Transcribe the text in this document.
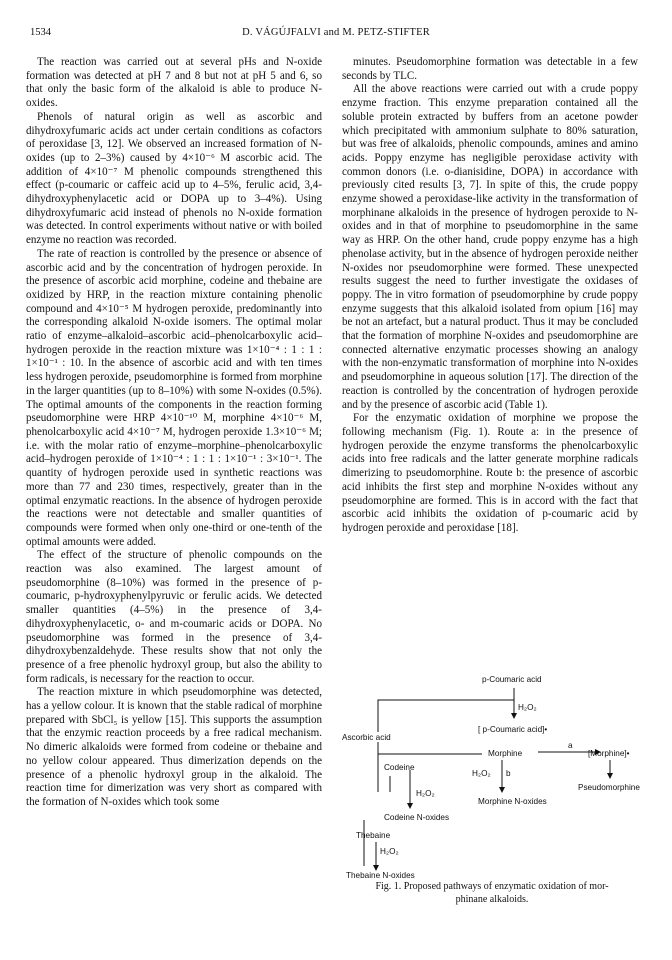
1534	D. VÁGÚJFALVI and M. PETZ-STIFTER

The reaction was carried out at several pHs and N-oxide formation was detected at pH 7 and 8 but not at pH 5 and 6, so that only the basic form of the alkaloid is able to produce N-oxides.

Phenols of natural origin as well as ascorbic and dihydroxyfumaric acids act under certain conditions as cofactors of peroxidase [3, 12]. We observed an increased formation of N-oxides (up to 2–3%) caused by 4×10⁻⁶ M ascorbic acid. The addition of 4×10⁻⁷ M phenolic compounds strengthened this effect (p-coumaric or caffeic acid up to 4–5%, ferulic acid, 3,4-dihydroxyphenylacetic acid or DOPA up to 3–4%). Using dihydroxyfumaric acid instead of phenols no N-oxide formation was detected. In control experiments without native or with boiled enzyme no reaction was recorded.

The rate of reaction is controlled by the presence or absence of ascorbic acid and by the concentration of hydrogen peroxide. In the presence of ascorbic acid morphine, codeine and thebaine are oxidized by HRP, in the reaction mixture containing phenolic compound and 4×10⁻⁵ M hydrogen peroxide, predominantly into the corresponding alkaloid N-oxide isomers. The optimal molar ratio of enzyme–alkaloid–ascorbic acid–phenolcarboxylic acid–hydrogen peroxide in the reaction mixture was 1×10⁻⁴ : 1 : 1 : 1×10⁻¹ : 10. In the absence of ascorbic acid and with ten times less hydrogen peroxide, pseudomorphine is formed from morphine in the larger quantities (up to 8–10%) with some N-oxides (0.5%). The optimal amounts of the components in the reaction forming pseudomorphine were HRP 4×10⁻¹⁰ M, morphine 4×10⁻⁶ M, phenolcarboxylic acid 4×10⁻⁷ M, hydrogen peroxide 1.3×10⁻⁶ M; i.e. with the molar ratio of enzyme–morphine–phenolcarboxylic acid–hydrogen peroxide of 1×10⁻⁴ : 1 : 1 : 1×10⁻¹ : 3×10⁻¹. The quantity of hydrogen peroxide used in synthetic reactions was more than 77 and 230 times, respectively, greater than in the optimal enzymatic reactions. In the absence of hydrogen peroxide the reactions were not detectable and smaller quantities of compounds were formed when only one-third or one-tenth of the optimal amounts were added.

The effect of the structure of phenolic compounds on the reaction was also examined. The largest amount of pseudomorphine (8–10%) was formed in the presence of p-coumaric, p-hydroxyphenylpyruvic or ferulic acids. We detected smaller quantities (4–5%) in the presence of 3,4-dihydroxyphenylacetic, o- and m-coumaric acids or DOPA. No pseudomorphine was formed in the presence of 3,4-dihydroxybenzaldehyde. These results show that not only the presence of a free phenolic hydroxyl group, but also the ability to form radicals, is necessary for the reaction to occur.

The reaction mixture in which pseudomorphine was detected, has a yellow colour. It is known that the stable radical of morphine prepared with SbCl₅ is yellow [15]. This supports the assumption that the enzymic reaction proceeds by a free radical mechanism. No dimeric alkaloids were formed from codeine or thebaine and no yellow colour appeared. Thus dimerization depends on the presence of a phenolic hydroxyl group in the alkaloid. The reaction time for dimerization was very short as compared with the formation of N-oxides which took some

minutes. Pseudomorphine formation was detectable in a few seconds by TLC.

All the above reactions were carried out with a crude poppy enzyme fraction. This enzyme preparation contained all the soluble protein extracted by buffers from an acetone powder which precipitated with ammonium sulphate to 80% saturation, but was free of alkaloids, phenolic compounds, amines and amino acids. Poppy enzyme has negligible peroxidase activity with common donors (i.e. o-dianisidine, DOPA) in accordance with previously cited results [3, 7]. In spite of this, the crude poppy enzyme showed a peroxidase-like activity in the transformation of morphinane alkaloids in the presence of hydrogen peroxide to N-oxides and in that of morphine to pseudomorphine in the same way as HRP. On the other hand, crude poppy enzyme has a high phenolase activity, but in the absence of hydrogen peroxide neither N-oxides nor pseudomorphine were formed. These unexpected results suggest the need to further investigate the oxidases of poppy. The in vitro formation of pseudomorphine by crude poppy enzyme suggests that this alkaloid isolated from opium [16] may be not an artefact, but a natural product. Thus it may be concluded that the formation of morphine N-oxides and pseudomorphine are connected alternative enzymatic processes showing an analogy with the non-enzymatic transformation of morphine into N-oxides and pseudomorphine in aqueous solution [17]. The direction of the reaction is controlled by the concentration of hydrogen peroxide and by the presence of ascorbic acid (Table 1).

For the enzymatic oxidation of morphine we propose the following mechanism (Fig. 1). Route a: in the presence of hydrogen peroxide the enzyme transforms the phenolcarboxylic acids into free radicals and the latter generate morphine radicals dimerizing to pseudomorphine. Route b: the presence of ascorbic acid inhibits the first step and morphine N-oxides without any pseudomorphine are formed. This is in accord with the fact that ascorbic acid inhibits the oxidation of p-coumaric acid by hydrogen peroxide and peroxidase [18].

p-Coumaric acid
H₂O₂
[ p-Coumaric acid]•
Ascorbic acid
Morphine
a
[Morphine]•
Codeine
H₂O₂ b
Pseudomorphine
H₂O₂
Morphine N-oxides
Codeine N-oxides
Thebaine
H₂O₂
Thebaine N-oxides
Fig. 1. Proposed pathways of enzymatic oxidation of mor-
phinane alkaloids.
